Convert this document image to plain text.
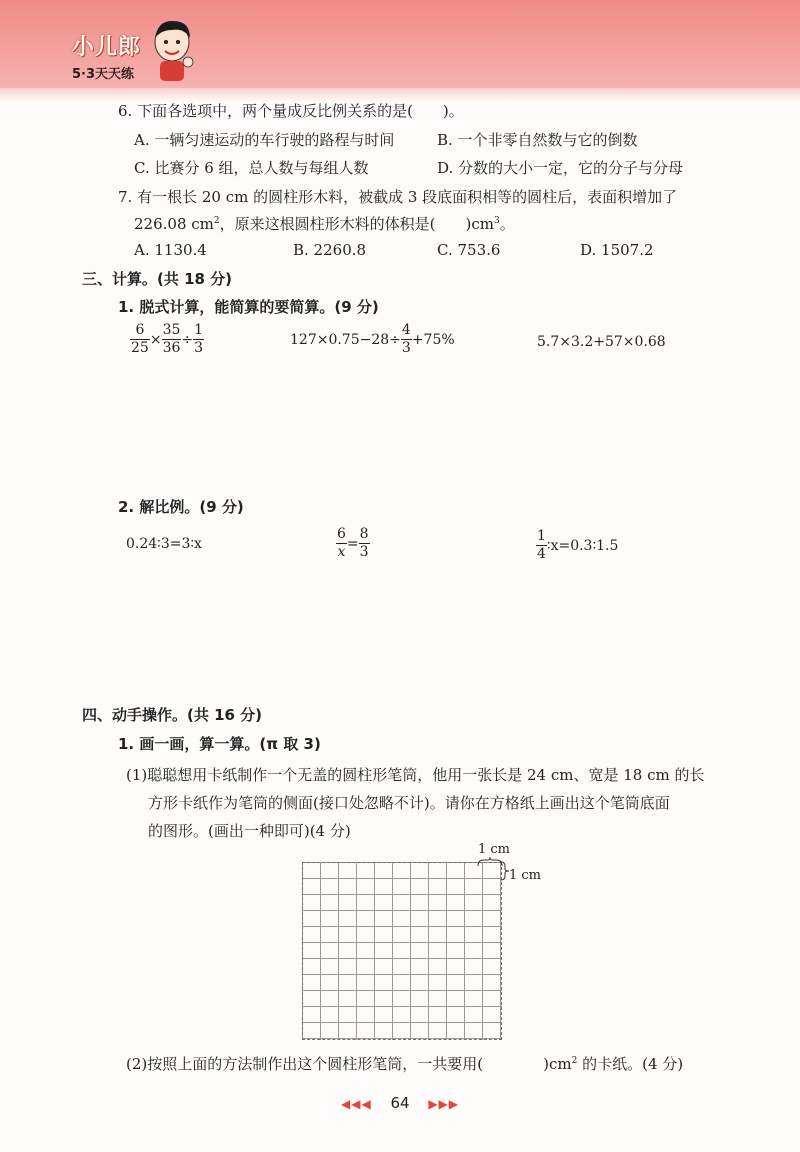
小儿郎
5·3天天练
6. 下面各选项中，两个量成反比例关系的是(　　)。
A. 一辆匀速运动的车行驶的路程与时间	B. 一个非零自然数与它的倒数
C. 比赛分 6 组，总人数与每组人数	D. 分数的大小一定，它的分子与分母
7. 有一根长 20 cm 的圆柱形木料，被截成 3 段底面积相等的圆柱后，表面积增加了
226.08 $cm^2$，原来这根圆柱形木料的体积是(　　)$cm^3$。
A. 1130.4	B. 2260.8	C. 753.6	D. 1507.2
三、计算。(共 18 分)
1. 脱式计算，能简算的要简算。(9 分)
$\frac{6}{25} \times \frac{35}{36} \div \frac{1}{3}$	$127\times 0.75-28\div \frac{4}{3} +75\%$	5.7×3.2+57×0.68
2. 解比例。(9 分)
0.24∶3=3∶x	$\frac{6}{x} = \frac{8}{3}$	$\frac{1}{4}$ ∶x=0.3∶1.5
四、动手操作。(共 16 分)
1. 画一画，算一算。(π 取 3)
(1)聪聪想用卡纸制作一个无盖的圆柱形笔筒，他用一张长是 24 cm、宽是 18 cm 的长
方形卡纸作为笔筒的侧面(接口处忽略不计)。请你在方格纸上画出这个笔筒底面
的图形。(画出一种即可)(4 分)
1 cm
1 cm
(2)按照上面的方法制作出这个圆柱形笔筒，一共要用(　　　　)$cm^2$ 的卡纸。(4 分)
◀◀◀ 64 ▶▶▶
